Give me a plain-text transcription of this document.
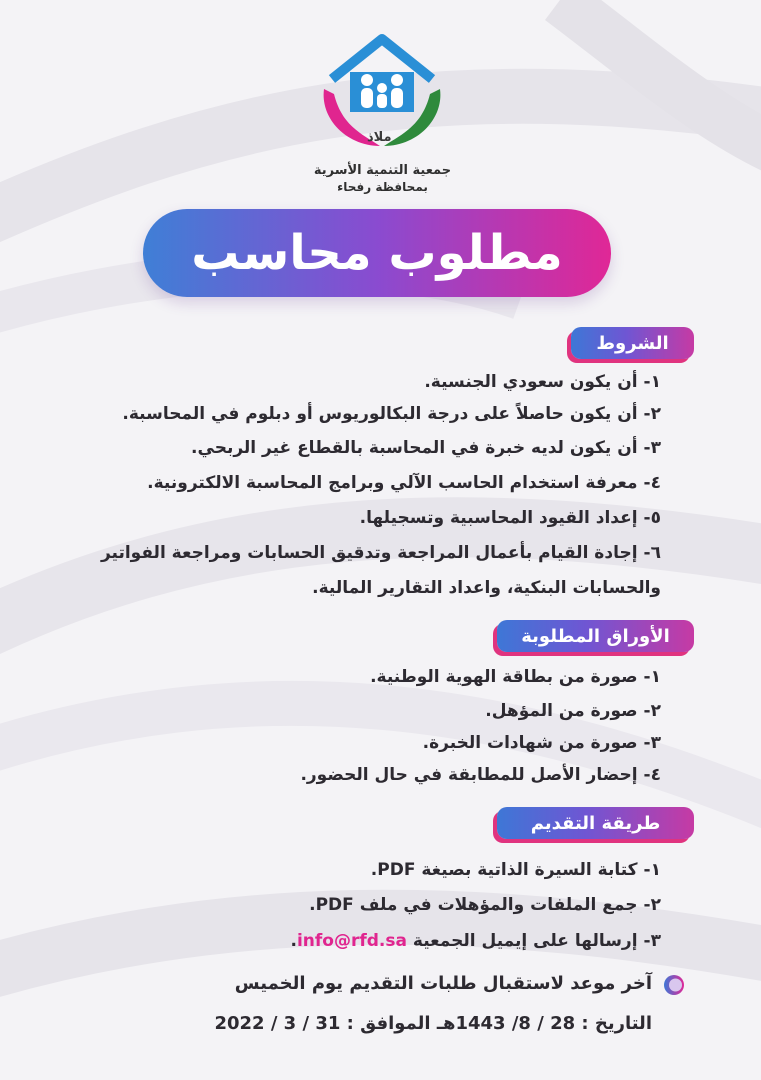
ملاذ
جمعية التنمية الأسرية
بمحافظة رفحاء
مطلوب محاسب
الشروط
١-أن يكون سعودي الجنسية.
٢-أن يكون حاصلاً على درجة البكالوريوس أو دبلوم في المحاسبة.
٣-أن يكون لديه خبرة في المحاسبة بالقطاع غير الربحي.
٤-معرفة استخدام الحاسب الآلي وبرامج المحاسبة الالكترونية.
٥-إعداد القيود المحاسبية وتسجيلها.
٦-إجادة القيام بأعمال المراجعة وتدقيق الحسابات ومراجعة الفواتير
والحسابات البنكية، واعداد التقارير المالية.
الأوراق المطلوبة
١-صورة من بطاقة الهوية الوطنية.
٢-صورة من المؤهل.
٣-صورة من شهادات الخبرة.
٤-إحضار الأصل للمطابقة في حال الحضور.
طريقة التقديم
١-كتابة السيرة الذاتية بصيغة PDF.
٢-جمع الملفات والمؤهلات في ملف PDF.
٣-إرسالها على إيميل الجمعية info@rfd.sa.
آخر موعد لاستقبال طلبات التقديم يوم الخميس
التاريخ : 28 / 8/ 1443هـ الموافق : 31 / 3 / 2022
